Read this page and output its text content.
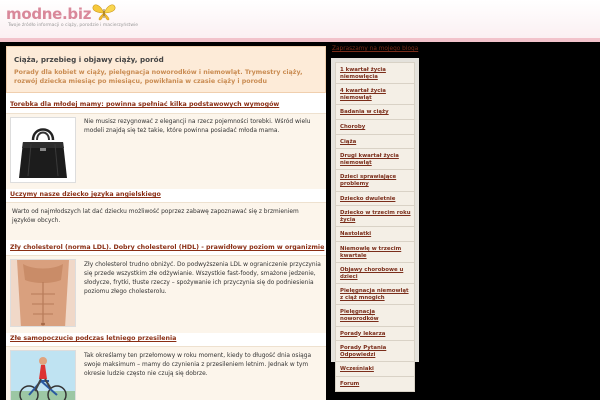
modne.biz
Twoje źródło informacji o ciąży, porodzie i macierzyństwie
Ciąża, przebieg i objawy ciąży, poród

Porady dla kobiet w ciąży, pielęgnacja noworodków i niemowląt. Trymestry ciąży, rozwój dziecka miesiąc po miesiącu, powikłania w czasie ciąży i porodu

Torebka dla młodej mamy: powinna spełniać kilka podstawowych wymogów
Nie musisz rezygnować z elegancji na rzecz pojemności torebki. Wśród wielu modeli znajdą się też takie, które powinna posiadać młoda mama.
Uczymy nasze dziecko języka angielskiego
Warto od najmłodszych lat dać dziecku możliwość poprzez zabawę zapoznawać się z brzmieniem języków obcych.
Zły cholesterol (norma LDL). Dobry cholesterol (HDL) - prawidłowy poziom w organizmie
Zły cholesterol trudno obniżyć. Do podwyższenia LDL w ograniczenie przyczynia się przede wszystkim złe odżywianie. Wszystkie fast-foody, smażone jedzenie, słodycze, frytki, tłuste rzeczy – spożywanie ich przyczynia się do podniesienia poziomu złego cholesterolu.
Złe samopoczucie podczas letniego przesilenia
Tak określamy ten przełomowy w roku moment, kiedy to długość dnia osiąga swoje maksimum – mamy do czynienia z przesileniem letnim. Jednak w tym okresie ludzie często nie czują się dobrze.
Zapraszamy na mojego bloga
1 kwartał życia niemowlęcia
4 kwartał życia niemowląt
Badania w ciąży
Choroby
Ciąża
Drugi kwartał życia niemowląt
Dzieci sprawiające problemy
Dziecko dwuletnie
Dziecko w trzecim roku życia
Nastolatki
Niemowlę w trzecim kwartale
Objawy chorobowe u dzieci
Pielęgnacja niemowląt z ciąż mnogich
Pielęgnacja noworodków
Porady lekarza
Porady Pytania Odpowiedzi
Wcześniaki
Forum
